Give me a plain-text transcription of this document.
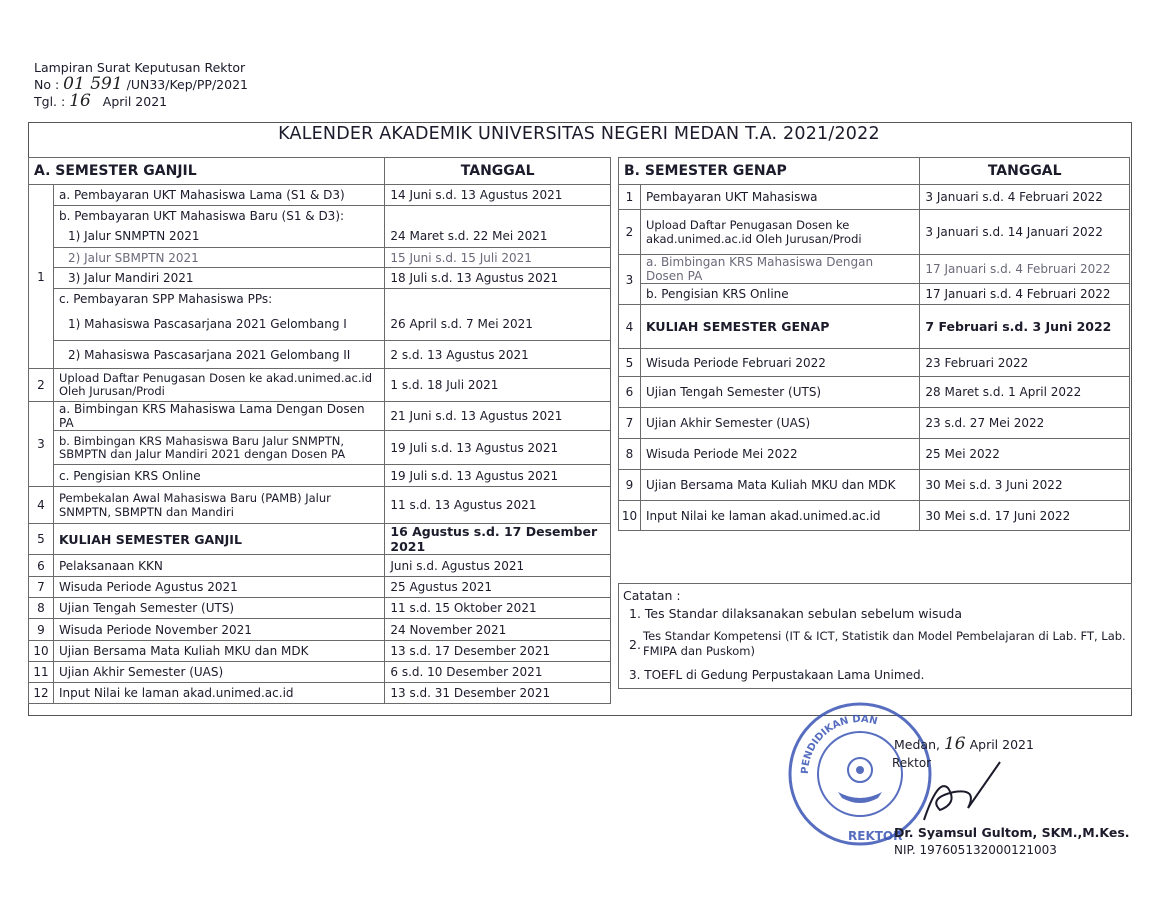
Lampiran Surat Keputusan Rektor
No : 01 591 /UN33/Kep/PP/2021
Tgl. : 16 April 2021
KALENDER AKADEMIK UNIVERSITAS NEGERI MEDAN T.A. 2021/2022
A. SEMESTER GANJIL		TANGGAL
1	a. Pembayaran UKT Mahasiswa Lama (S1 & D3)	14 Juni s.d. 13 Agustus 2021
	b. Pembayaran UKT Mahasiswa Baru (S1 & D3):	
	1) Jalur SNMPTN 2021	24 Maret s.d. 22 Mei 2021
	2) Jalur SBMPTN 2021	15 Juni s.d. 15 Juli 2021
	3) Jalur Mandiri 2021	18 Juli s.d. 13 Agustus 2021
	c. Pembayaran SPP Mahasiswa PPs:	
	1) Mahasiswa Pascasarjana 2021 Gelombang I	26 April s.d. 7 Mei 2021
	2) Mahasiswa Pascasarjana 2021 Gelombang II	2 s.d. 13 Agustus 2021

2	Upload Daftar Penugasan Dosen ke akad.unimed.ac.id Oleh Jurusan/Prodi	1 s.d. 18 Juli 2021
3	a. Bimbingan KRS Mahasiswa Lama Dengan Dosen PA	21 Juni s.d. 13 Agustus 2021
	b. Bimbingan KRS Mahasiswa Baru Jalur SNMPTN, SBMPTN dan Jalur Mandiri 2021 dengan Dosen PA	19 Juli s.d. 13 Agustus 2021
	c. Pengisian KRS Online	19 Juli s.d. 13 Agustus 2021
4	Pembekalan Awal Mahasiswa Baru (PAMB) Jalur SNMPTN, SBMPTN dan Mandiri	11 s.d. 13 Agustus 2021
5	KULIAH SEMESTER GANJIL	16 Agustus s.d. 17 Desember 2021
6	Pelaksanaan KKN	Juni s.d. Agustus 2021
7	Wisuda Periode Agustus 2021	25 Agustus 2021
8	Ujian Tengah Semester (UTS)	11 s.d. 15 Oktober 2021
9	Wisuda Periode November 2021	24 November 2021
10	Ujian Bersama Mata Kuliah MKU dan MDK	13 s.d. 17 Desember 2021
11	Ujian Akhir Semester (UAS)	6 s.d. 10 Desember 2021
12	Input Nilai ke laman akad.unimed.ac.id	13 s.d. 31 Desember 2021
B. SEMESTER GENAP		TANGGAL
1	Pembayaran UKT Mahasiswa	3 Januari s.d. 4 Februari 2022
2	Upload Daftar Penugasan Dosen ke akad.unimed.ac.id Oleh Jurusan/Prodi	3 Januari s.d. 14 Januari 2022
3	a. Bimbingan KRS Mahasiswa Dengan Dosen PA	17 Januari s.d. 4 Februari 2022
	b. Pengisian KRS Online	17 Januari s.d. 4 Februari 2022
4	KULIAH SEMESTER GENAP	7 Februari s.d. 3 Juni 2022
5	Wisuda Periode Februari 2022	23 Februari 2022
6	Ujian Tengah Semester (UTS)	28 Maret s.d. 1 April 2022
7	Ujian Akhir Semester (UAS)	23 s.d. 27 Mei 2022
8	Wisuda Periode Mei 2022	25 Mei 2022
9	Ujian Bersama Mata Kuliah MKU dan MDK	30 Mei s.d. 3 Juni 2022
10	Input Nilai ke laman akad.unimed.ac.id	30 Mei s.d. 17 Juni 2022
Catatan :
1. Tes Standar dilaksanakan sebulan sebelum wisuda
2.
Tes Standar Kompetensi (IT & ICT, Statistik dan Model Pembelajaran di Lab. FT, Lab. FMIPA dan Puskom)
3. TOEFL di Gedung Perpustakaan Lama Unimed.
PENDIDIKAN DAN
REKTOR
Medan, 16 April 2021
Rektor
Dr. Syamsul Gultom, SKM.,M.Kes.
NIP. 197605132000121003
